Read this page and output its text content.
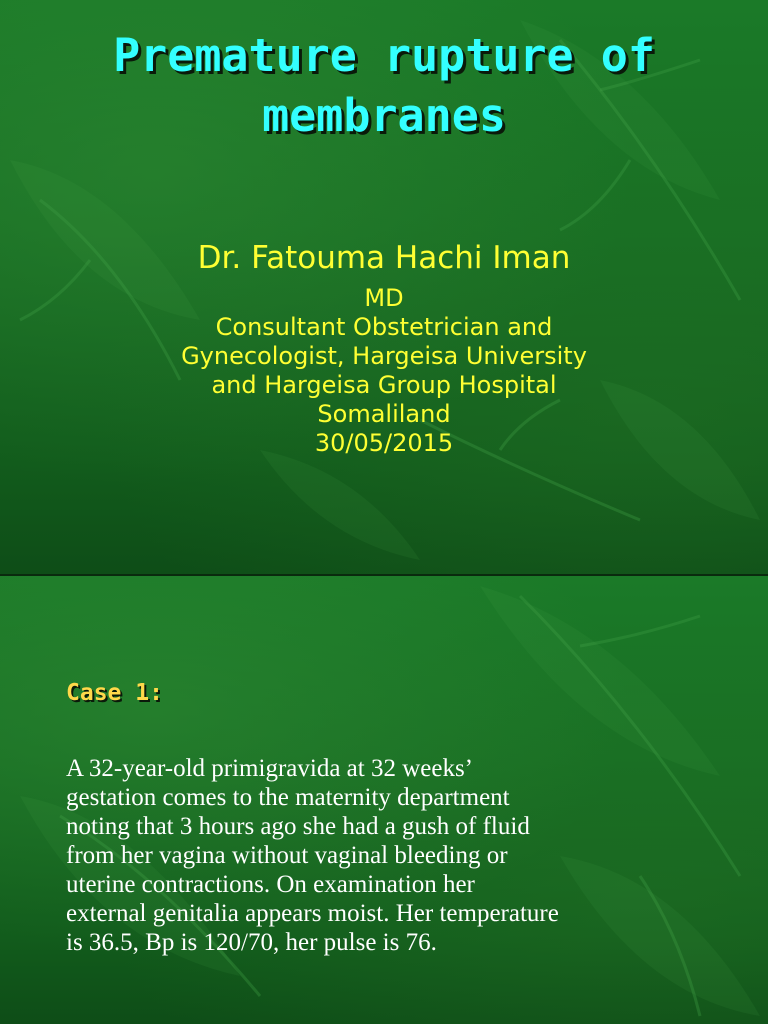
Premature rupture of
membranes
Dr. Fatouma Hachi Iman
MD
Consultant Obstetrician and
Gynecologist, Hargeisa University
and Hargeisa Group Hospital
Somaliland
30/05/2015
Case 1:

A 32-year-old primigravida at 32 weeks’
gestation comes to the maternity department
noting that 3 hours ago she had a gush of fluid
from her vagina without vaginal bleeding or
uterine contractions. On examination her
external genitalia appears moist. Her temperature
is 36.5, Bp is 120/70, her pulse is 76.
